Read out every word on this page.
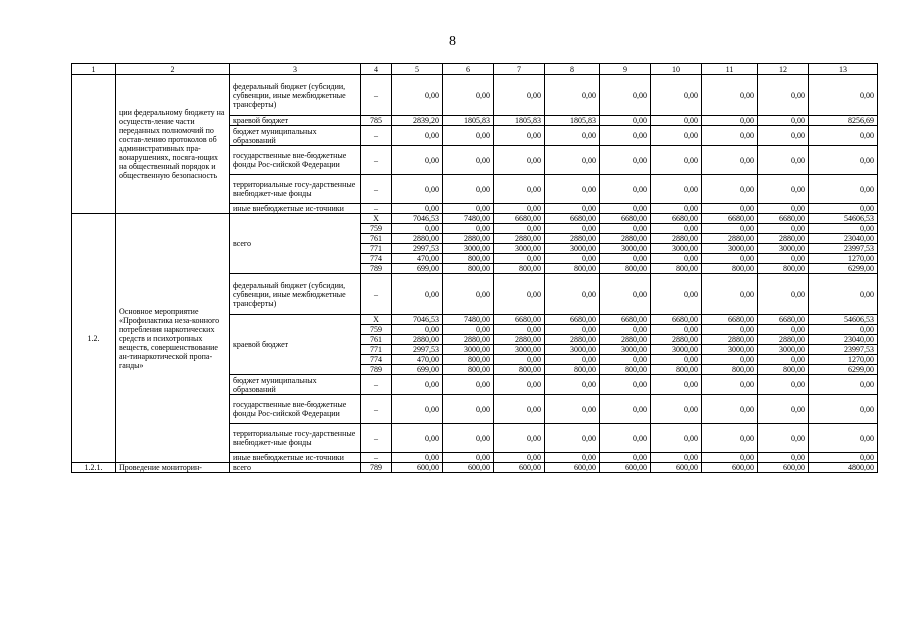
8
1	2	3	4	5	6	7	8	9	10	11	12	13
	ции федеральному бюджету на осуществ-ление части переданных полномочий по состав-лению протоколов об административных пра-вонарушениях, посяга-ющих на общественный порядок и общественную безопасность	федеральный бюджет (субсидии, субвенции, иные межбюджетные трансферты)	–	0,00	0,00	0,00	0,00	0,00	0,00	0,00	0,00	0,00
		краевой бюджет	785	2839,20	1805,83	1805,83	1805,83	0,00	0,00	0,00	0,00	8256,69
		бюджет муниципальных образований	–	0,00	0,00	0,00	0,00	0,00	0,00	0,00	0,00	0,00
		государственные вне-бюджетные фонды Рос-сийской Федерации	–	0,00	0,00	0,00	0,00	0,00	0,00	0,00	0,00	0,00
		территориальные госу-дарственные внебюджет-ные фонды	–	0,00	0,00	0,00	0,00	0,00	0,00	0,00	0,00	0,00
		иные внебюджетные ис-точники	–	0,00	0,00	0,00	0,00	0,00	0,00	0,00	0,00	0,00
1.2.	Основное мероприятие «Профилактика неза-конного потребления наркотических средств и психотропных веществ, совершенствование ан-тинаркотической пропа-ганды»	всего	Х	7046,53	7480,00	6680,00	6680,00	6680,00	6680,00	6680,00	6680,00	54606,53
			759	0,00	0,00	0,00	0,00	0,00	0,00	0,00	0,00	0,00
			761	2880,00	2880,00	2880,00	2880,00	2880,00	2880,00	2880,00	2880,00	23040,00
			771	2997,53	3000,00	3000,00	3000,00	3000,00	3000,00	3000,00	3000,00	23997,53
			774	470,00	800,00	0,00	0,00	0,00	0,00	0,00	0,00	1270,00
			789	699,00	800,00	800,00	800,00	800,00	800,00	800,00	800,00	6299,00
		федеральный бюджет (субсидии, субвенции, иные межбюджетные трансферты)	–	0,00	0,00	0,00	0,00	0,00	0,00	0,00	0,00	0,00
		краевой бюджет	Х	7046,53	7480,00	6680,00	6680,00	6680,00	6680,00	6680,00	6680,00	54606,53
			759	0,00	0,00	0,00	0,00	0,00	0,00	0,00	0,00	0,00
			761	2880,00	2880,00	2880,00	2880,00	2880,00	2880,00	2880,00	2880,00	23040,00
			771	2997,53	3000,00	3000,00	3000,00	3000,00	3000,00	3000,00	3000,00	23997,53
			774	470,00	800,00	0,00	0,00	0,00	0,00	0,00	0,00	1270,00
			789	699,00	800,00	800,00	800,00	800,00	800,00	800,00	800,00	6299,00
		бюджет муниципальных образований	–	0,00	0,00	0,00	0,00	0,00	0,00	0,00	0,00	0,00
		государственные вне-бюджетные фонды Рос-сийской Федерации	–	0,00	0,00	0,00	0,00	0,00	0,00	0,00	0,00	0,00
		территориальные госу-дарственные внебюджет-ные фонды	–	0,00	0,00	0,00	0,00	0,00	0,00	0,00	0,00	0,00
		иные внебюджетные ис-точники	–	0,00	0,00	0,00	0,00	0,00	0,00	0,00	0,00	0,00
1.2.1.	Проведение мониторин-	всего	789	600,00	600,00	600,00	600,00	600,00	600,00	600,00	600,00	4800,00
